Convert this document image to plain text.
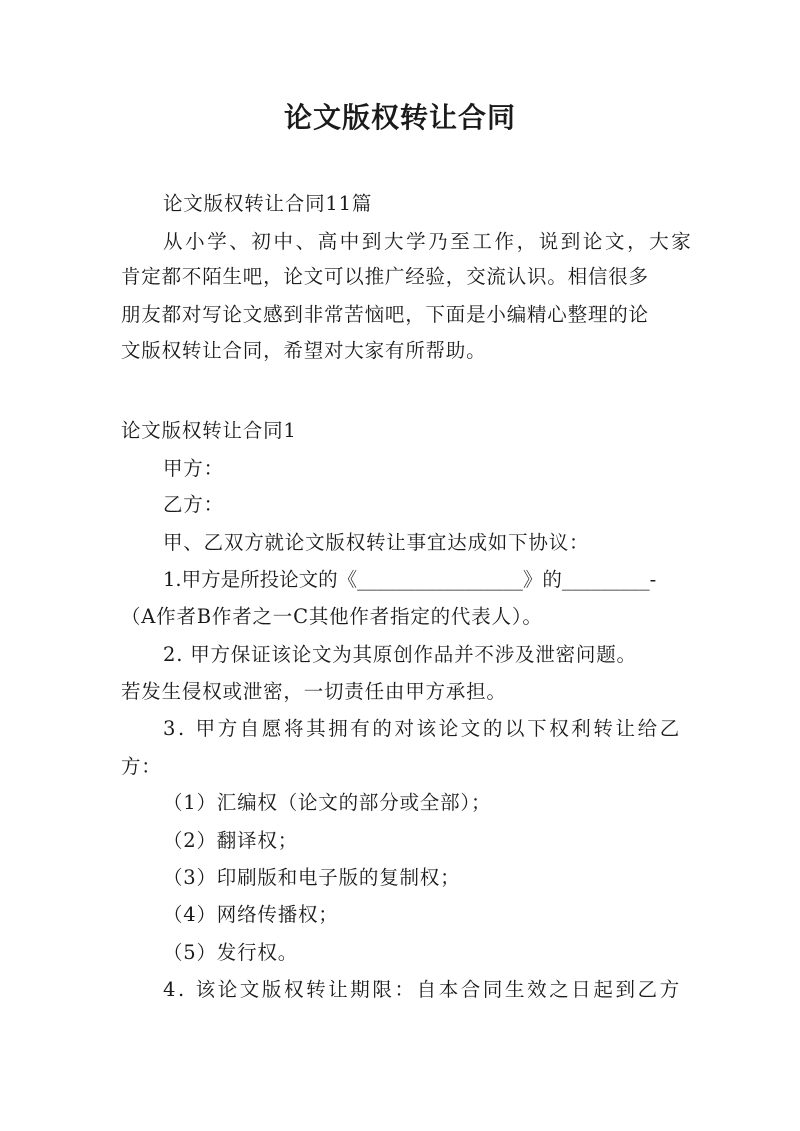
论文版权转让合同
论文版权转让合同11篇
从小学、初中、高中到大学乃至工作，说到论文，大家
肯定都不陌生吧，论文可以推广经验，交流认识。相信很多
朋友都对写论文感到非常苦恼吧，下面是小编精心整理的论
文版权转让合同，希望对大家有所帮助。
论文版权转让合同1
甲方：
乙方：
甲、乙双方就论文版权转让事宜达成如下协议：
1.甲方是所投论文的《_________________》的_________-
（A作者B作者之一C其他作者指定的代表人）。
2. 甲方保证该论文为其原创作品并不涉及泄密问题。
若发生侵权或泄密，一切责任由甲方承担。
3. 甲方自愿将其拥有的对该论文的以下权利转让给乙
方：
（1）汇编权（论文的部分或全部）；
（2）翻译权；
（3）印刷版和电子版的复制权；
（4）网络传播权；
（5）发行权。
4. 该论文版权转让期限：自本合同生效之日起到乙方
